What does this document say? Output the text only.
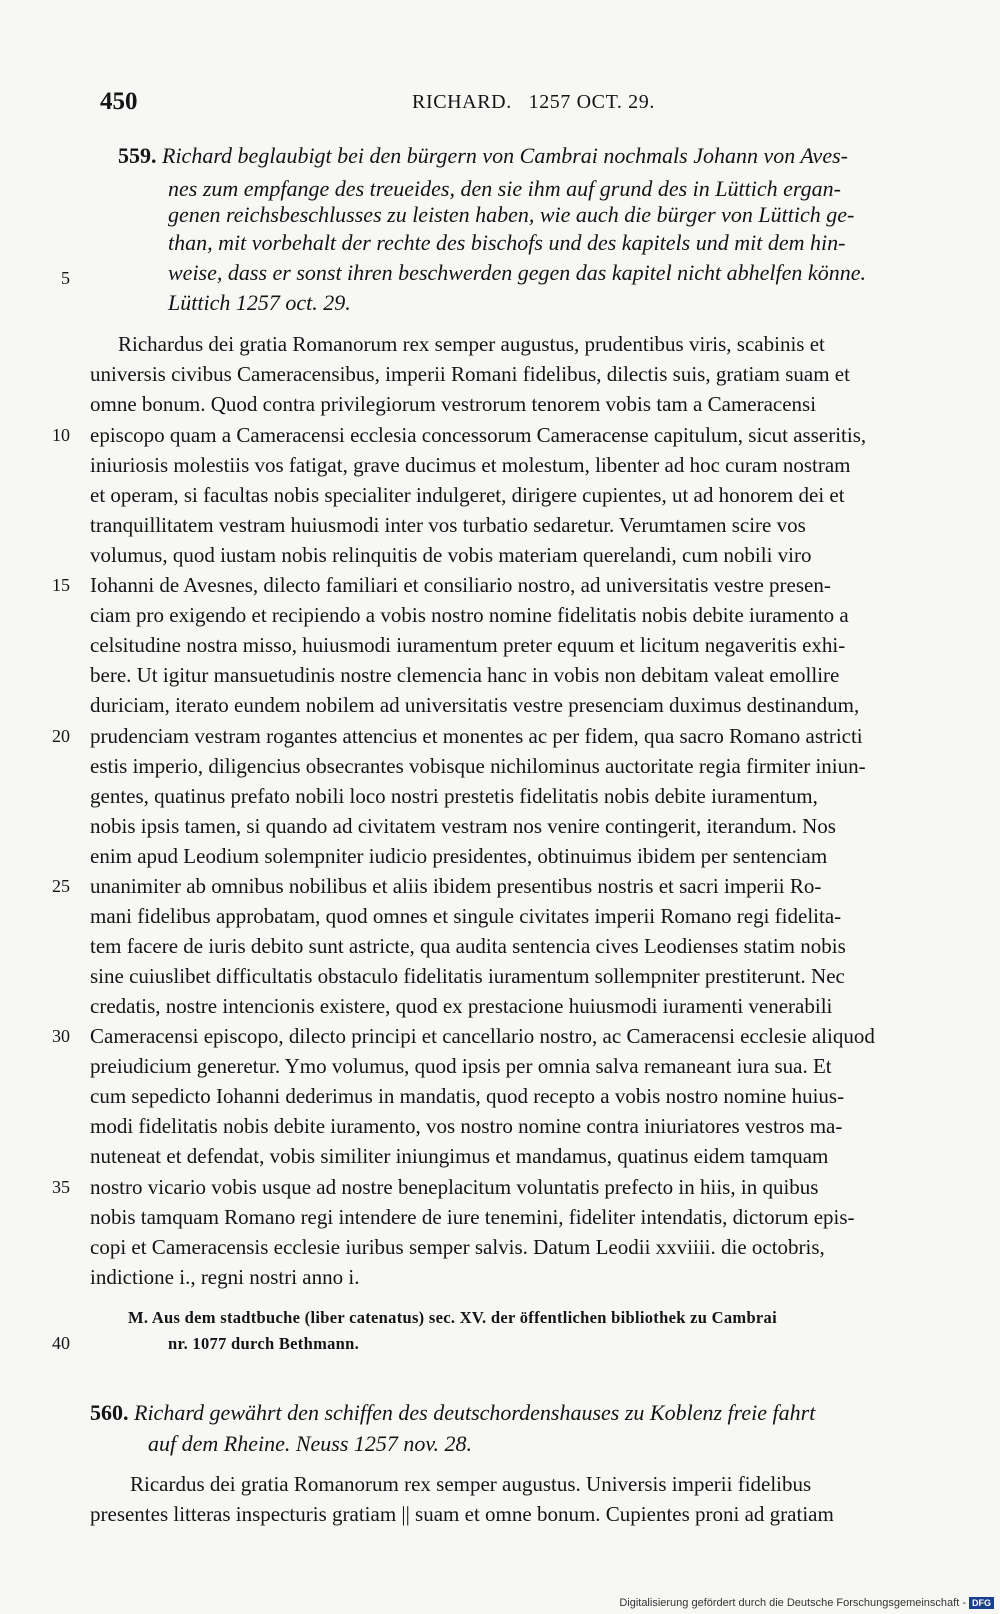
450	RICHARD.   1257 OCT. 29.
559. Richard beglaubigt bei den bürgern von Cambrai nochmals Johann von Aves-
nes zum empfange des treueides, den sie ihm auf grund des in Lüttich ergan-
genen reichsbeschlusses zu leisten haben, wie auch die bürger von Lüttich ge-
than, mit vorbehalt der rechte des bischofs und des kapitels und mit dem hin-
weise, dass er sonst ihren beschwerden gegen das kapitel nicht abhelfen könne.
Lüttich 1257 oct. 29.
Richardus dei gratia Romanorum rex semper augustus, prudentibus viris, scabinis et
universis civibus Cameracensibus, imperii Romani fidelibus, dilectis suis, gratiam suam et
omne bonum. Quod contra privilegiorum vestrorum tenorem vobis tam a Cameracensi
episcopo quam a Cameracensi ecclesia concessorum Cameracense capitulum, sicut asseritis,
iniuriosis molestiis vos fatigat, grave ducimus et molestum, libenter ad hoc curam nostram
et operam, si facultas nobis specialiter indulgeret, dirigere cupientes, ut ad honorem dei et
tranquillitatem vestram huiusmodi inter vos turbatio sedaretur. Verumtamen scire vos
volumus, quod iustam nobis relinquitis de vobis materiam querelandi, cum nobili viro
Iohanni de Avesnes, dilecto familiari et consiliario nostro, ad universitatis vestre presen-
ciam pro exigendo et recipiendo a vobis nostro nomine fidelitatis nobis debite iuramento a
celsitudine nostra misso, huiusmodi iuramentum preter equum et licitum negaveritis exhi-
bere. Ut igitur mansuetudinis nostre clemencia hanc in vobis non debitam valeat emollire
duriciam, iterato eundem nobilem ad universitatis vestre presenciam duximus destinandum,
prudenciam vestram rogantes attencius et monentes ac per fidem, qua sacro Romano astricti
estis imperio, diligencius obsecrantes vobisque nichilominus auctoritate regia firmiter iniun-
gentes, quatinus prefato nobili loco nostri prestetis fidelitatis nobis debite iuramentum,
nobis ipsis tamen, si quando ad civitatem vestram nos venire contingerit, iterandum. Nos
enim apud Leodium solempniter iudicio presidentes, obtinuimus ibidem per sentenciam
unanimiter ab omnibus nobilibus et aliis ibidem presentibus nostris et sacri imperii Ro-
mani fidelibus approbatam, quod omnes et singule civitates imperii Romano regi fidelita-
tem facere de iuris debito sunt astricte, qua audita sentencia cives Leodienses statim nobis
sine cuiuslibet difficultatis obstaculo fidelitatis iuramentum sollempniter prestiterunt. Nec
credatis, nostre intencionis existere, quod ex prestacione huiusmodi iuramenti venerabili
Cameracensi episcopo, dilecto principi et cancellario nostro, ac Cameracensi ecclesie aliquod
preiudicium generetur. Ymo volumus, quod ipsis per omnia salva remaneant iura sua. Et
cum sepedicto Iohanni dederimus in mandatis, quod recepto a vobis nostro nomine huius-
modi fidelitatis nobis debite iuramento, vos nostro nomine contra iniuriatores vestros ma-
nuteneat et defendat, vobis similiter iniungimus et mandamus, quatinus eidem tamquam
nostro vicario vobis usque ad nostre beneplacitum voluntatis prefecto in hiis, in quibus
nobis tamquam Romano regi intendere de iure tenemini, fideliter intendatis, dictorum epis-
copi et Cameracensis ecclesie iuribus semper salvis. Datum Leodii xxviiii. die octobris,
indictione i., regni nostri anno i.
M. Aus dem stadtbuche (liber catenatus) sec. XV. der öffentlichen bibliothek zu Cambrai
nr. 1077 durch Bethmann.
5
10
15
20
25
30
35
40
560. Richard gewährt den schiffen des deutschordenshauses zu Koblenz freie fahrt
auf dem Rheine. Neuss 1257 nov. 28.
Ricardus dei gratia Romanorum rex semper augustus. Universis imperii fidelibus
presentes litteras inspecturis gratiam || suam et omne bonum. Cupientes proni ad gratiam
Digitalisierung gefördert durch die Deutsche Forschungsgemeinschaft - DFG
